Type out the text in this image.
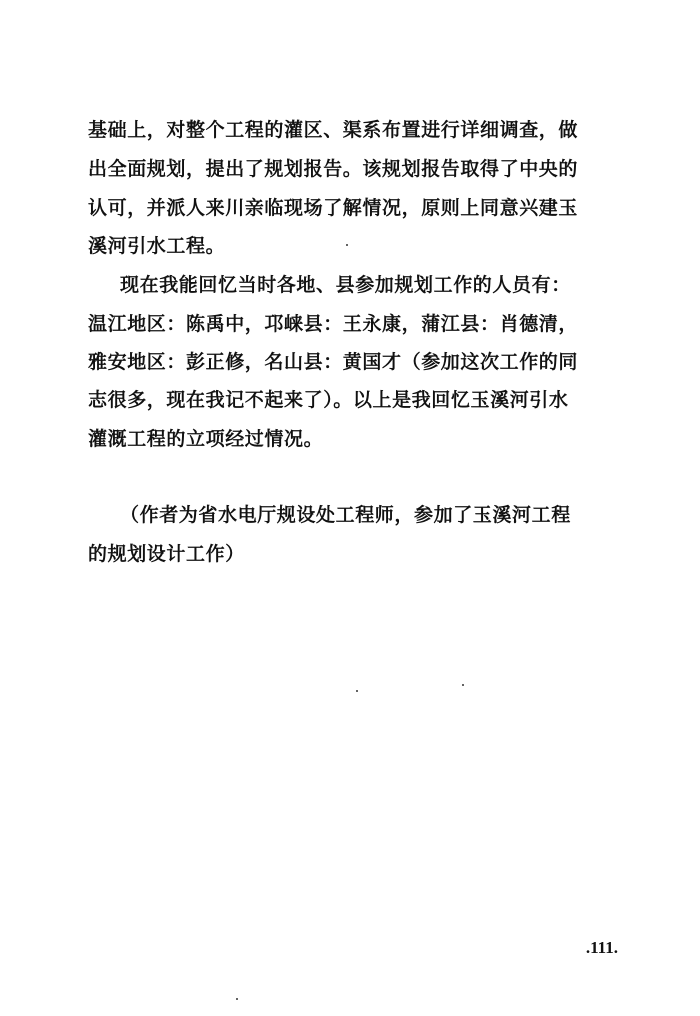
基础上，对整个工程的灌区、渠系布置进行详细调查，做
出全面规划，提出了规划报告。该规划报告取得了中央的
认可，并派人来川亲临现场了解情况，原则上同意兴建玉
溪河引水工程。
现在我能回忆当时各地、县参加规划工作的人员有：
温江地区：陈禹中，邛崃县：王永康，蒲江县：肖德清，
雅安地区：彭正修，名山县：黄国才（参加这次工作的同
志很多，现在我记不起来了）。以上是我回忆玉溪河引水
灌溉工程的立项经过情况。
（作者为省水电厅规设处工程师，参加了玉溪河工程
的规划设计工作）
.111.
